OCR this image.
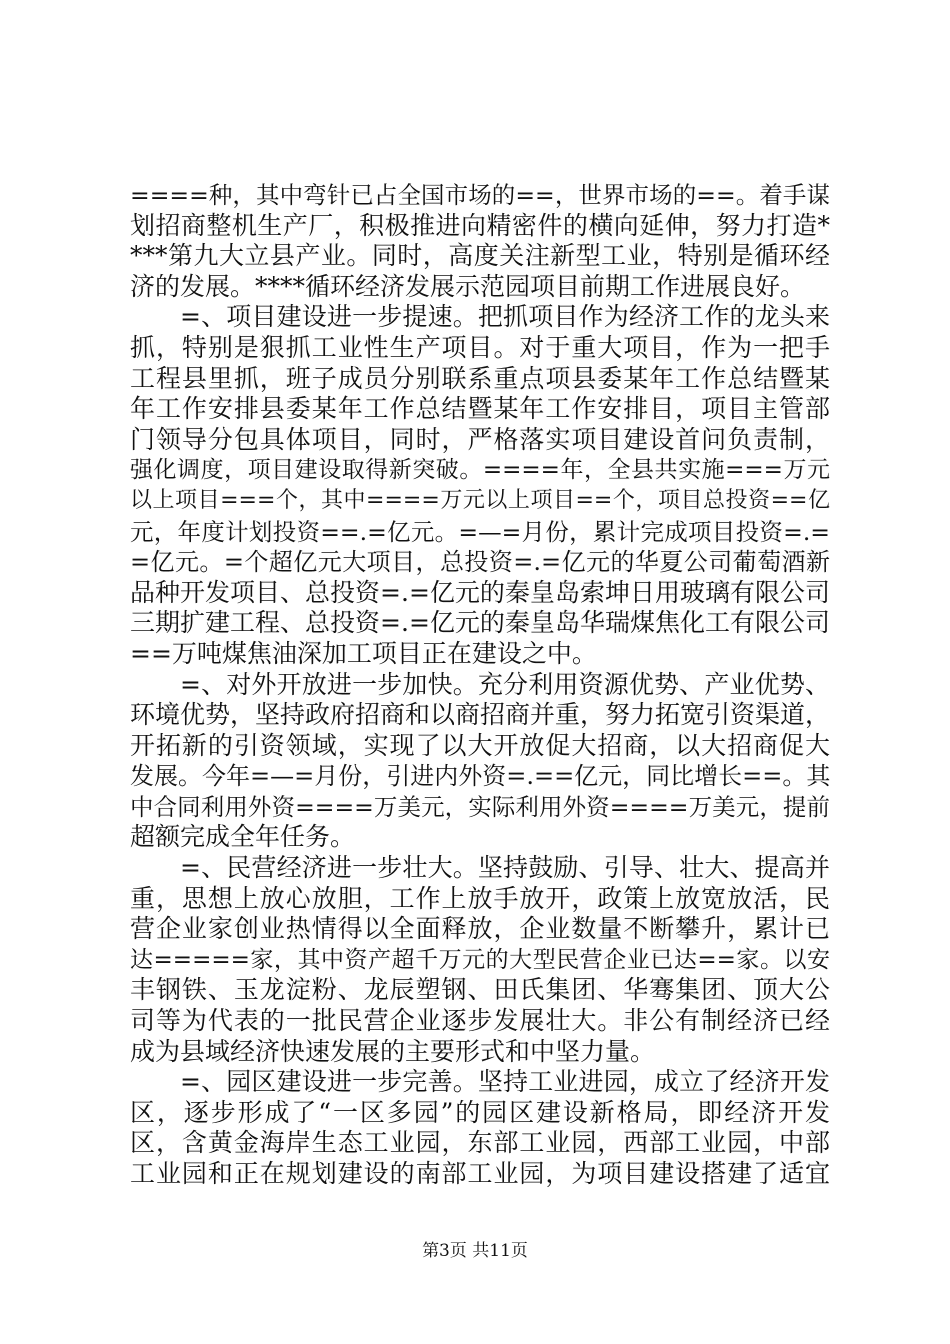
====种，其中弯针已占全国市场的==，世界市场的==。着手谋
划招商整机生产厂，积极推进向精密件的横向延伸，努力打造*
***第九大立县产业。同时，高度关注新型工业，特别是循环经
济的发展。****循环经济发展示范园项目前期工作进展良好。
=、项目建设进一步提速。把抓项目作为经济工作的龙头来
抓，特别是狠抓工业性生产项目。对于重大项目，作为一把手
工程县里抓，班子成员分别联系重点项县委某年工作总结暨某
年工作安排县委某年工作总结暨某年工作安排目，项目主管部
门领导分包具体项目，同时，严格落实项目建设首问负责制，
强化调度，项目建设取得新突破。====年，全县共实施===万元
以上项目===个，其中====万元以上项目==个，项目总投资==亿
元，年度计划投资==.=亿元。=—=月份，累计完成项目投资=.=
=亿元。=个超亿元大项目，总投资=.=亿元的华夏公司葡萄酒新
品种开发项目、总投资=.=亿元的秦皇岛索坤日用玻璃有限公司
三期扩建工程、总投资=.=亿元的秦皇岛华瑞煤焦化工有限公司
==万吨煤焦油深加工项目正在建设之中。
=、对外开放进一步加快。充分利用资源优势、产业优势、
环境优势，坚持政府招商和以商招商并重，努力拓宽引资渠道，
开拓新的引资领域，实现了以大开放促大招商，以大招商促大
发展。今年=—=月份，引进内外资=.==亿元，同比增长==。其
中合同利用外资====万美元，实际利用外资====万美元，提前
超额完成全年任务。
=、民营经济进一步壮大。坚持鼓励、引导、壮大、提高并
重，思想上放心放胆，工作上放手放开，政策上放宽放活，民
营企业家创业热情得以全面释放，企业数量不断攀升，累计已
达=====家，其中资产超千万元的大型民营企业已达==家。以安
丰钢铁、玉龙淀粉、龙辰塑钢、田氏集团、华骞集团、顶大公
司等为代表的一批民营企业逐步发展壮大。非公有制经济已经
成为县域经济快速发展的主要形式和中坚力量。
=、园区建设进一步完善。坚持工业进园，成立了经济开发
区，逐步形成了“一区多园”的园区建设新格局，即经济开发
区，含黄金海岸生态工业园，东部工业园，西部工业园，中部
工业园和正在规划建设的南部工业园，为项目建设搭建了适宜
第3页 共11页
